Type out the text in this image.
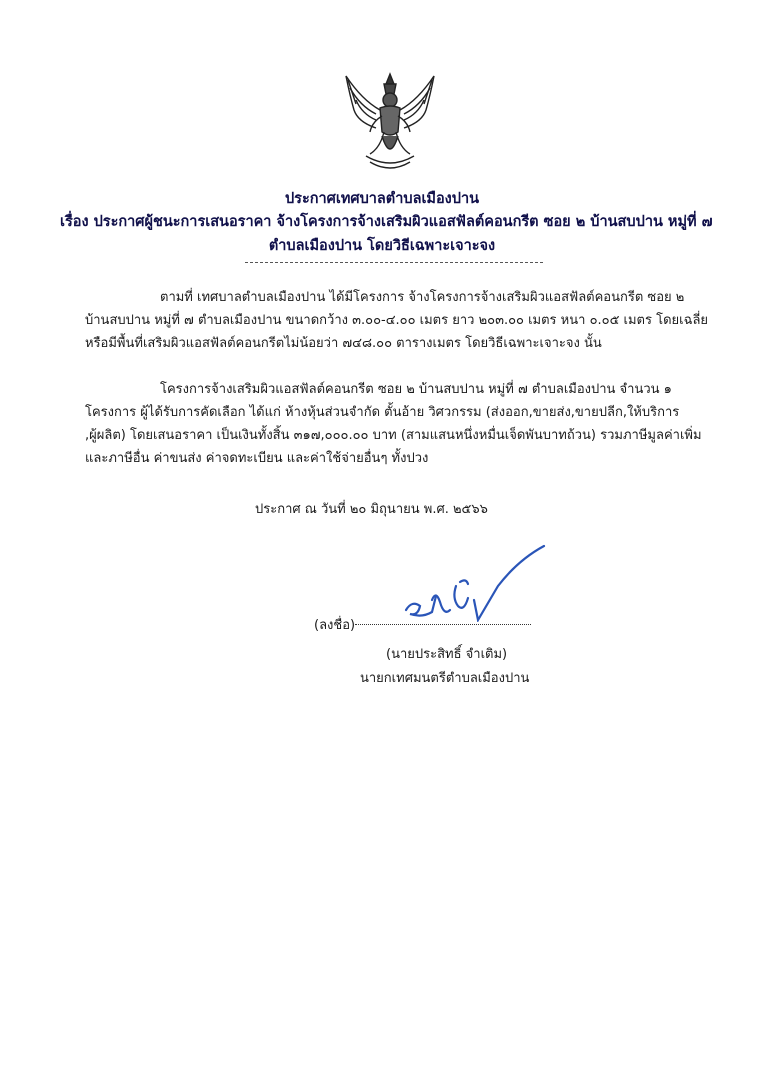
ประกาศเทศบาลตำบลเมืองปาน
เรื่อง ประกาศผู้ชนะการเสนอราคา จ้างโครงการจ้างเสริมผิวแอสฟัลต์คอนกรีต ซอย ๒ บ้านสบปาน หมู่ที่ ๗
ตำบลเมืองปาน โดยวิธีเฉพาะเจาะจง
ตามที่ เทศบาลตำบลเมืองปาน ได้มีโครงการ จ้างโครงการจ้างเสริมผิวแอสฟัลต์คอนกรีต ซอย ๒
บ้านสบปาน หมู่ที่ ๗ ตำบลเมืองปาน ขนาดกว้าง ๓.๐๐-๔.๐๐ เมตร ยาว ๒๐๓.๐๐ เมตร หนา ๐.๐๕ เมตร โดยเฉลี่ย
หรือมีพื้นที่เสริมผิวแอสฟัลต์คอนกรีตไม่น้อยว่า ๗๔๘.๐๐ ตารางเมตร โดยวิธีเฉพาะเจาะจง นั้น
โครงการจ้างเสริมผิวแอสฟัลต์คอนกรีต ซอย ๒ บ้านสบปาน หมู่ที่ ๗ ตำบลเมืองปาน จำนวน ๑
โครงการ ผู้ได้รับการคัดเลือก ได้แก่ ห้างหุ้นส่วนจำกัด ตั้นอ้าย วิศวกรรม (ส่งออก,ขายส่ง,ขายปลีก,ให้บริการ
,ผู้ผลิต) โดยเสนอราคา เป็นเงินทั้งสิ้น ๓๑๗,๐๐๐.๐๐ บาท (สามแสนหนึ่งหมื่นเจ็ดพันบาทถ้วน) รวมภาษีมูลค่าเพิ่ม
และภาษีอื่น ค่าขนส่ง ค่าจดทะเบียน และค่าใช้จ่ายอื่นๆ ทั้งปวง
ประกาศ ณ วันที่ ๒๐ มิถุนายน พ.ศ. ๒๕๖๖
(ลงชื่อ)
(นายประสิทธิ์ จำเติม)
นายกเทศมนตรีตำบลเมืองปาน
